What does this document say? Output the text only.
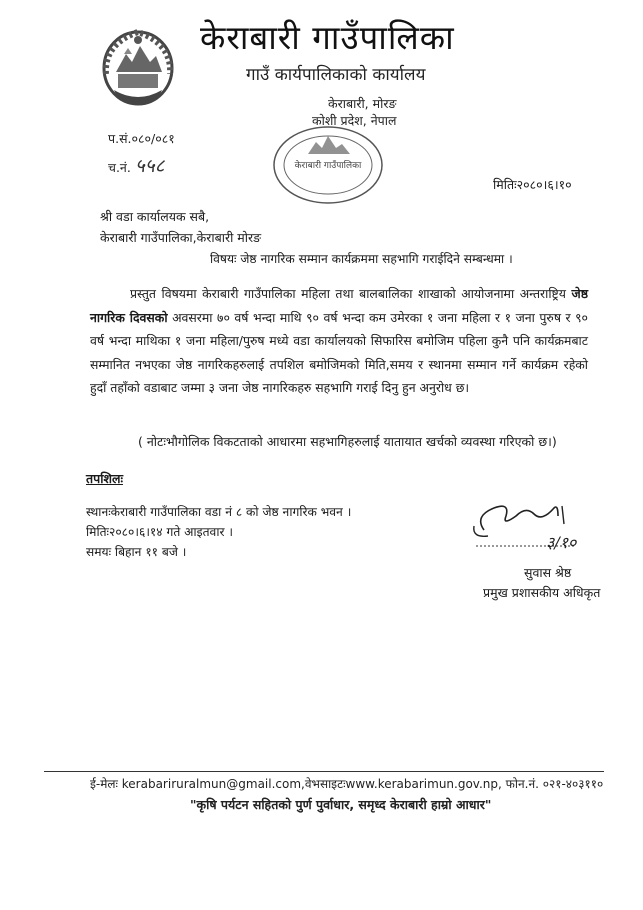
केराबारी गाउँपालिका
गाउँ कार्यपालिकाको कार्यालय
केराबारी, मोरङ
कोशी प्रदेश, नेपाल
प.सं.०८०/०८१
च.नं. ५५८	केराबारी गाउँपालिका
मितिः२०८०।६।१०
श्री वडा कार्यालयक सबै,
केराबारी गाउँपालिका,केराबारी मोरङ
विषयः जेष्ठ नागरिक सम्मान कार्यक्रममा सहभागि गराईदिने सम्बन्धमा ।
प्रस्तुत विषयमा केराबारी गाउँपालिका महिला तथा बालबालिका शाखाको आयोजनामा अन्तराष्ट्रिय जेष्ठ नागरिक दिवसको अवसरमा ७० वर्ष भन्दा माथि ९० वर्ष भन्दा कम उमेरका १ जना महिला र १ जना पुरुष र ९० वर्ष भन्दा माथिका १ जना महिला/पुरुष मध्ये वडा कार्यालयको सिफारिस बमोजिम पहिला कुनै पनि कार्यक्रमबाट सम्मानित नभएका जेष्ठ नागरिकहरुलाई तपशिल बमोजिमको मिति,समय र स्थानमा सम्मान गर्ने कार्यक्रम रहेको हुदाँ तहाँको वडाबाट जम्मा ३ जना जेष्ठ नागरिकहरु सहभागि गराई दिनु हुन अनुरोध छ।
( नोटःभौगोलिक विकटताको आधारमा सहभागिहरुलाई यातायात खर्चको व्यवस्था गरिएको छ।)
तपशिलः
स्थानःकेराबारी गाउँपालिका वडा नं ८ को जेष्ठ नागरिक भवन ।
मितिः२०८०।६।१४ गते आइतवार ।
समयः बिहान ११ बजे ।	३/१०
सुवास श्रेष्ठ
प्रमुख प्रशासकीय अधिकृत
ई-मेलः kerabariruralmun@gmail.com,वेभसाइटःwww.kerabarimun.gov.np, फोन.नं. ०२१-४०३११०
"कृषि पर्यटन सहितको पुर्ण पुर्वाधार, समृध्द केराबारी हाम्रो आधार"
